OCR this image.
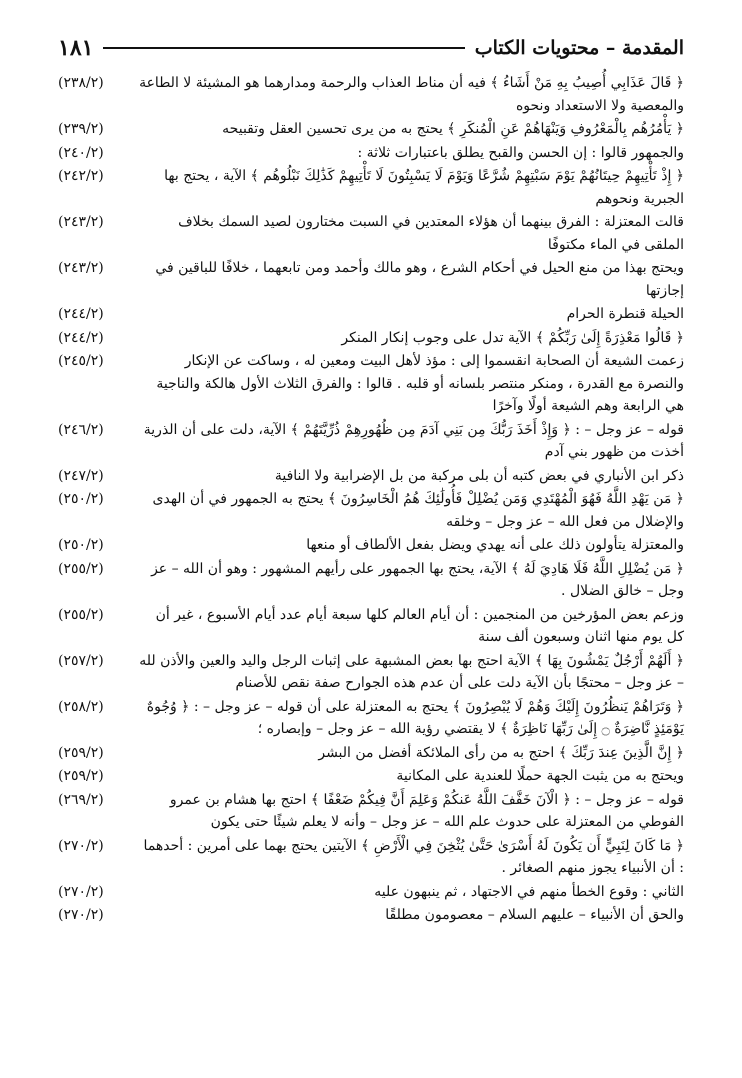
المقدمة – محتويات الكتاب
١٨١
﴿ قَالَ عَذَابِي أُصِيبُ بِهِ مَنْ أَشَاءُ ﴾ فيه أن مناط العذاب والرحمة ومدارهما هو المشيئة لا الطاعة والمعصية ولا الاستعداد ونحوه
(٢٣٨/٢)
﴿ يَأْمُرُهُم بِالْمَعْرُوفِ وَيَنْهَاهُمْ عَنِ الْمُنكَرِ ﴾ يحتج به من يرى تحسين العقل وتقبيحه
(٢٣٩/٢)
والجمهور قالوا : إن الحسن والقبح يطلق باعتبارات ثلاثة :
(٢٤٠/٢)
﴿ إِذْ تَأْتِيهِمْ حِيتَانُهُمْ يَوْمَ سَبْتِهِمْ شُرَّعًا وَيَوْمَ لَا يَسْبِتُونَ لَا تَأْتِيهِمْ كَذَٰلِكَ نَبْلُوهُم ﴾ الآية ، يحتج بها الجبرية ونحوهم
(٢٤٢/٢)
قالت المعتزلة : الفرق بينهما أن هؤلاء المعتدين في السبت مختارون لصيد السمك بخلاف الملقى في الماء مكتوفًا
(٢٤٣/٢)
ويحتج بهذا من منع الحيل في أحكام الشرع ، وهو مالك وأحمد ومن تابعهما ، خلافًا للباقين في إجازتها
(٢٤٣/٢)
الحيلة قنطرة الحرام
(٢٤٤/٢)
﴿ قَالُوا مَعْذِرَةً إِلَىٰ رَبِّكُمْ ﴾ الآية تدل على وجوب إنكار المنكر
(٢٤٤/٢)
زعمت الشيعة أن الصحابة انقسموا إلى : مؤذ لأهل البيت ومعين له ، وساكت عن الإنكار والنصرة مع القدرة ، ومنكر منتصر بلسانه أو قلبه . قالوا : والفرق الثلاث الأول هالكة والناجية هي الرابعة وهم الشيعة أولًا وآخرًا
(٢٤٥/٢)
قوله – عز وجل – : ﴿ وَإِذْ أَخَذَ رَبُّكَ مِن بَنِي آدَمَ مِن ظُهُورِهِمْ ذُرِّيَّتَهُمْ ﴾ الآية، دلت على أن الذرية أخذت من ظهور بني آدم
(٢٤٦/٢)
ذكر ابن الأنباري في بعض كتبه أن بلى مركبة من بل الإضرابية ولا النافية
(٢٤٧/٢)
﴿ مَن يَهْدِ اللَّهُ فَهُوَ الْمُهْتَدِي وَمَن يُضْلِلْ فَأُولَٰئِكَ هُمُ الْخَاسِرُونَ ﴾ يحتج به الجمهور في أن الهدى والإضلال من فعل الله – عز وجل – وخلقه
(٢٥٠/٢)
والمعتزلة يتأولون ذلك على أنه يهدي ويضل بفعل الألطاف أو منعها
(٢٥٠/٢)
﴿ مَن يُضْلِلِ اللَّهُ فَلَا هَادِيَ لَهُ ﴾ الآية، يحتج بها الجمهور على رأيهم المشهور : وهو أن الله – عز وجل – خالق الضلال .
(٢٥٥/٢)
وزعم بعض المؤرخين من المنجمين : أن أيام العالم كلها سبعة أيام عدد أيام الأسبوع ، غير أن كل يوم منها اثنان وسبعون ألف سنة
(٢٥٥/٢)
﴿ أَلَهُمْ أَرْجُلٌ يَمْشُونَ بِهَا ﴾ الآية احتج بها بعض المشبهة على إثبات الرجل واليد والعين والأذن لله – عز وجل – محتجًا بأن الآية دلت على أن عدم هذه الجوارح صفة نقص للأصنام
(٢٥٧/٢)
﴿ وَتَرَاهُمْ يَنظُرُونَ إِلَيْكَ وَهُمْ لَا يُبْصِرُونَ ﴾ يحتج به المعتزلة على أن قوله – عز وجل – : ﴿ وُجُوهٌ يَوْمَئِذٍ نَّاضِرَةٌ ۝ إِلَىٰ رَبِّهَا نَاظِرَةٌ ﴾ لا يقتضي رؤية الله – عز وجل – وإبصاره ؛
(٢٥٨/٢)
﴿ إِنَّ الَّذِينَ عِندَ رَبِّكَ ﴾ احتج به من رأى الملائكة أفضل من البشر
(٢٥٩/٢)
ويحتج به من يثبت الجهة حملًا للعندية على المكانية
(٢٥٩/٢)
قوله – عز وجل – : ﴿ الْآنَ خَفَّفَ اللَّهُ عَنكُمْ وَعَلِمَ أَنَّ فِيكُمْ ضَعْفًا ﴾ احتج بها هشام بن عمرو الفوطي من المعتزلة على حدوث علم الله – عز وجل – وأنه لا يعلم شيئًا حتى يكون
(٢٦٩/٢)
﴿ مَا كَانَ لِنَبِيٍّ أَن يَكُونَ لَهُ أَسْرَىٰ حَتَّىٰ يُثْخِنَ فِي الْأَرْضِ ﴾ الآيتين يحتج بهما على أمرين : أحدهما : أن الأنبياء يجوز منهم الصغائر .
(٢٧٠/٢)
الثاني : وقوع الخطأ منهم في الاجتهاد ، ثم ينبهون عليه
(٢٧٠/٢)
والحق أن الأنبياء – عليهم السلام – معصومون مطلقًا
(٢٧٠/٢)
